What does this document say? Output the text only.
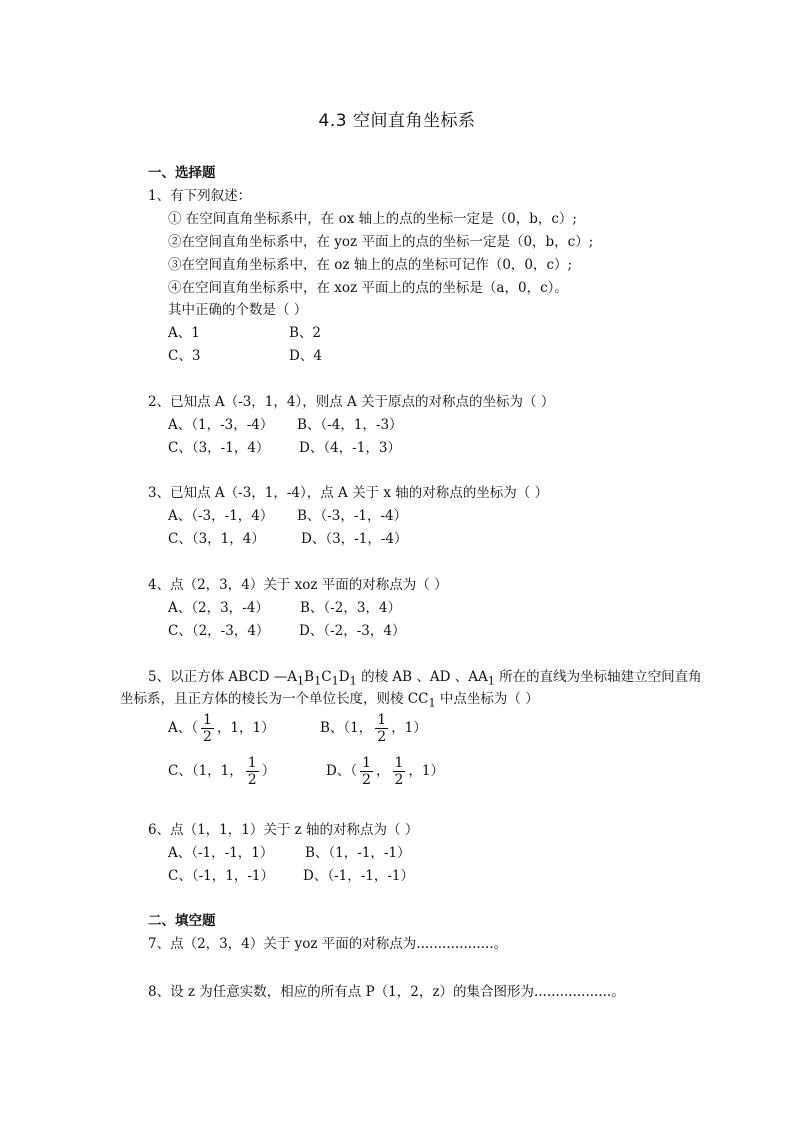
4.3 空间直角坐标系
一、选择题
1、有下列叙述：
① 在空间直角坐标系中，在 ox 轴上的点的坐标一定是（0，b，c）;
②在空间直角坐标系中，在 yoz 平面上的点的坐标一定是（0，b，c）;
③在空间直角坐标系中，在 oz 轴上的点的坐标可记作（0，0，c）;
④在空间直角坐标系中，在 xoz 平面上的点的坐标是（a，0，c）。
其中正确的个数是（ ）
A、1	B、2
C、3	D、4
2、已知点 A（-3，1，4），则点 A 关于原点的对称点的坐标为（ ）
A、（1，-3，-4） B、（-4，1，-3）
C、（3，-1，4） D、（4，-1，3）
3、已知点 A（-3，1，-4），点 A 关于 x 轴的对称点的坐标为（ ）
A、（-3，-1，4） B、（-3，-1，-4）
C、（3，1，4）	D、（3，-1，-4）
4、点（2，3，4）关于 xoz 平面的对称点为（ ）
A、（2，3，-4） B、（-2，3，4）
C、（2，-3，4） D、（-2，-3，4）
5、以正方体 ABCD $—A_1B_1C_1D_1$ 的棱 AB 、AD 、$AA_1$ 所在的直线为坐标轴建立空间直角
坐标系，且正方体的棱长为一个单位长度，则棱 $CC_1$ 中点坐标为（ ）
A、（ $\frac{1}{2}$ ，1，1）	B、（1， $\frac{1}{2}$ ，1）
C、（1，1， $\frac{1}{2}$ ）	D、（ $\frac{1}{2}$ ， $\frac{1}{2}$ ，1）
6、点（1，1，1）关于 z 轴的对称点为（ ）
A、（-1，-1，1） B、（1，-1，-1）
C、（-1，1，-1） D、（-1，-1，-1）
二、填空题
7、点（2，3，4）关于 yoz 平面的对称点为..................。
8、设 z 为任意实数，相应的所有点 P（1，2，z）的集合图形为..................。
